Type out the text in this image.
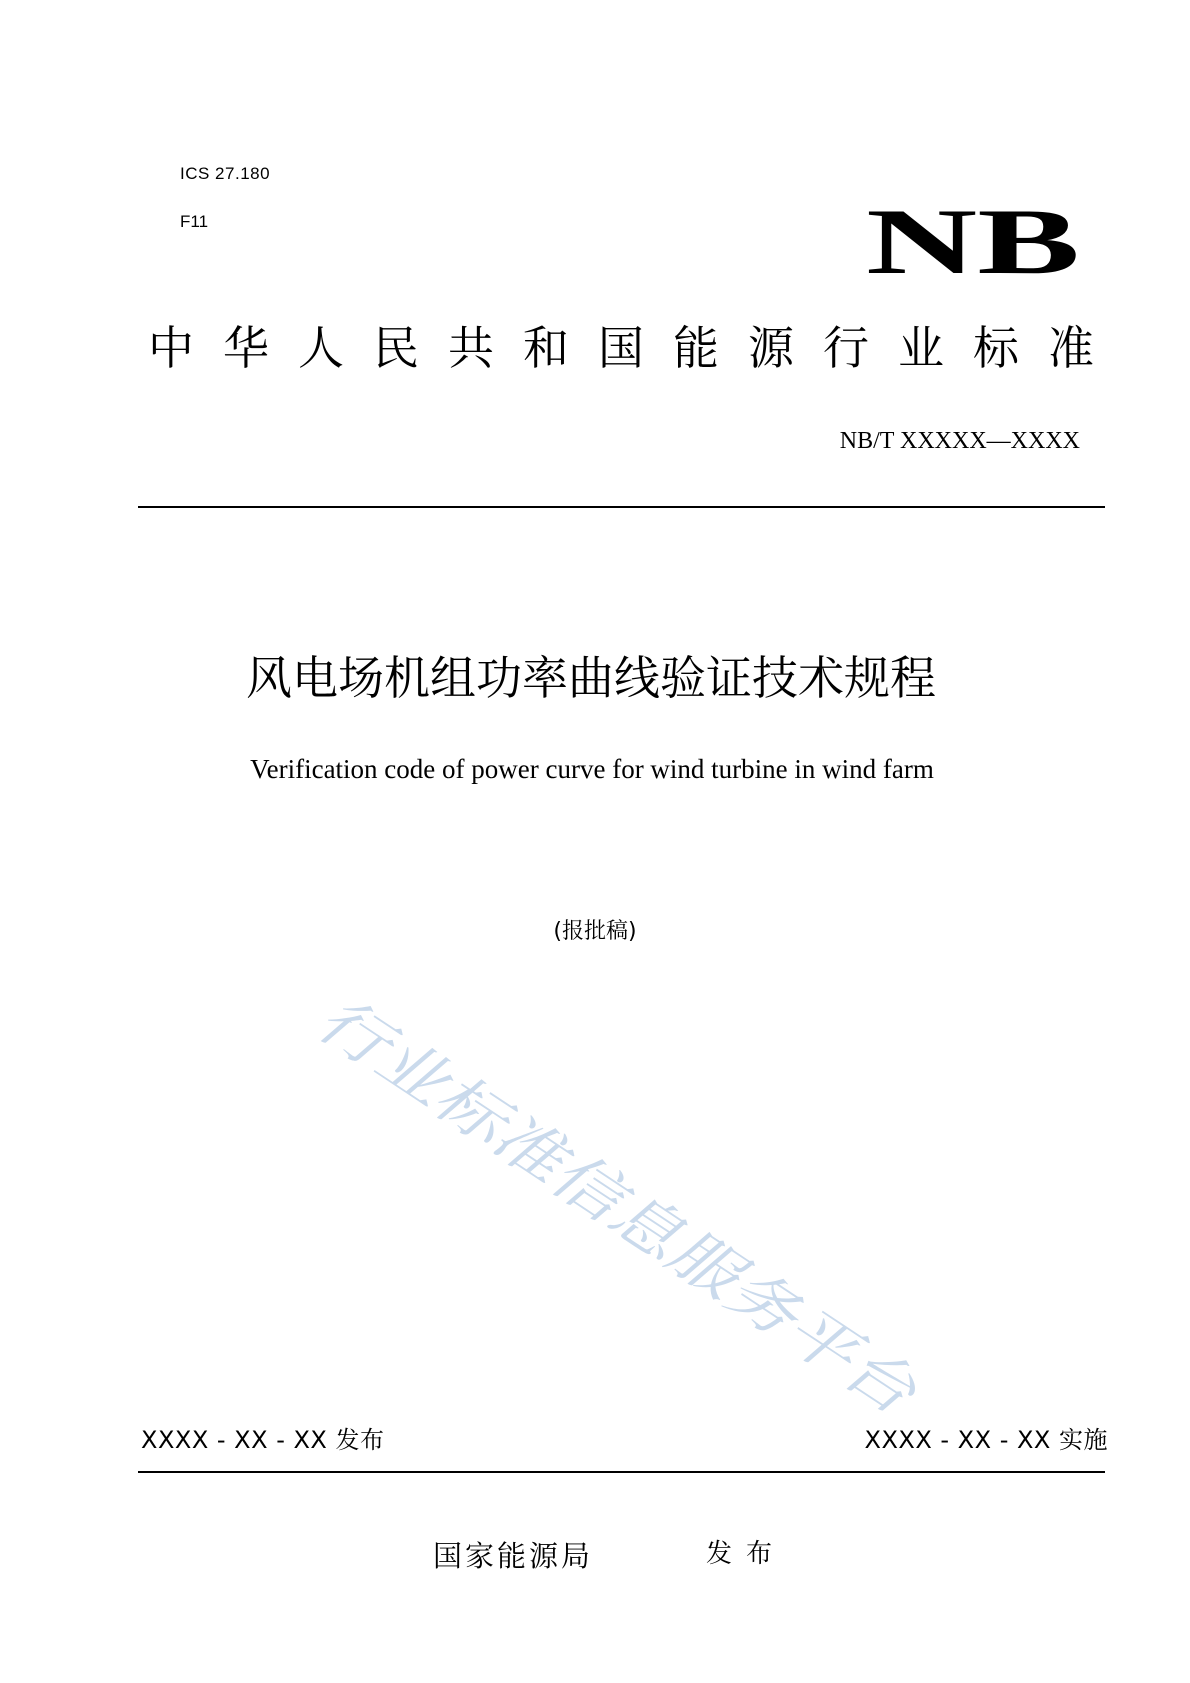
ICS 27.180
F11	NB
中 华 人 民 共 和 国 能 源 行 业 标 准
NB/T XXXXX—XXXX
风电场机组功率曲线验证技术规程
Verification code of power curve for wind turbine in wind farm
(报批稿)
行业标准信息服务平台
XXXX - XX - XX 发布	XXXX - XX - XX 实施
国家能源局	发布
